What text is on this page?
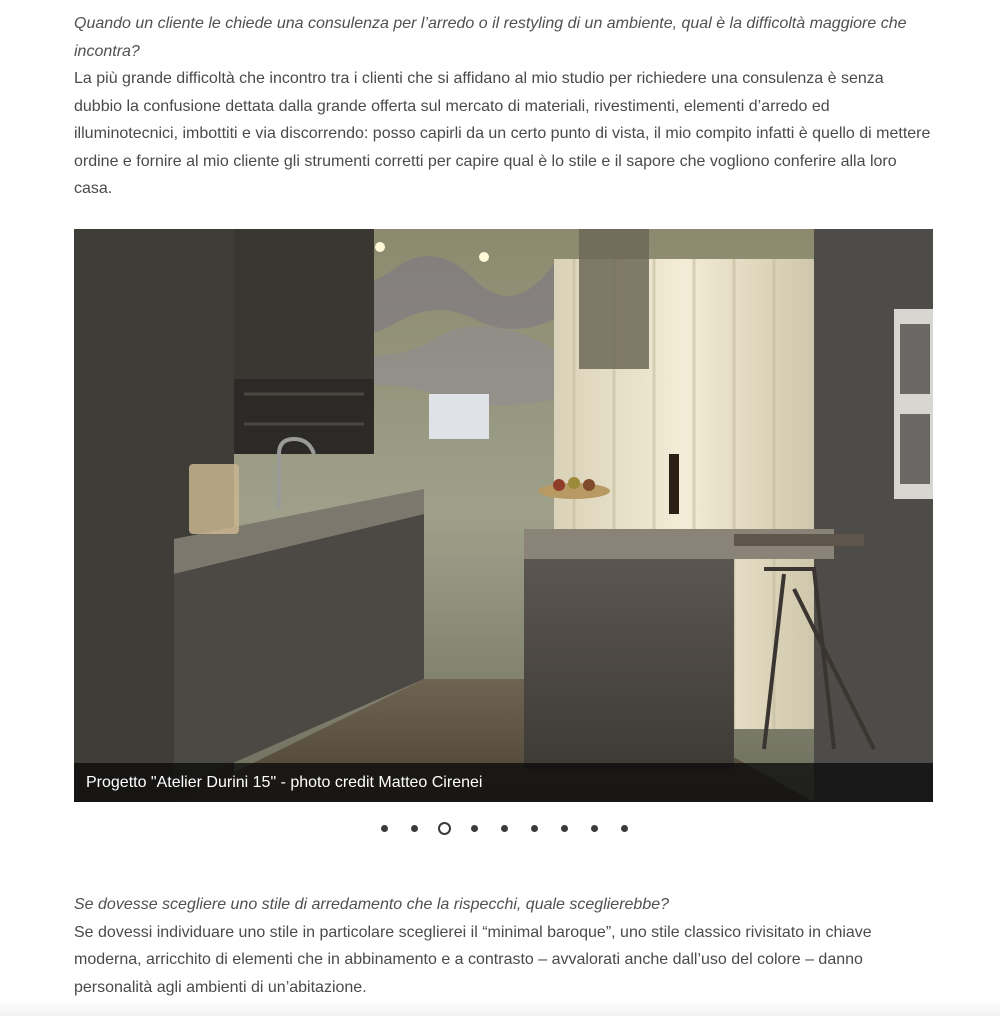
Quando un cliente le chiede una consulenza per l’arredo o il restyling di un ambiente, qual è la difficoltà maggiore che incontra?

La più grande difficoltà che incontro tra i clienti che si affidano al mio studio per richiedere una consulenza è senza dubbio la confusione dettata dalla grande offerta sul mercato di materiali, rivestimenti, elementi d’arredo ed illuminotecnici, imbottiti e via discorrendo: posso capirli da un certo punto di vista, il mio compito infatti è quello di mettere ordine e fornire al mio cliente gli strumenti corretti per capire qual è lo stile e il sapore che vogliono conferire alla loro casa.

Progetto "Atelier Durini 15" - photo credit Matteo Cirenei

Se dovesse scegliere uno stile di arredamento che la rispecchi, quale sceglierebbe?

Se dovessi individuare uno stile in particolare sceglierei il “minimal baroque”, uno stile classico rivisitato in chiave moderna, arricchito di elementi che in abbinamento e a contrasto – avvalorati anche dall’uso del colore – danno personalità agli ambienti di un’abitazione.
